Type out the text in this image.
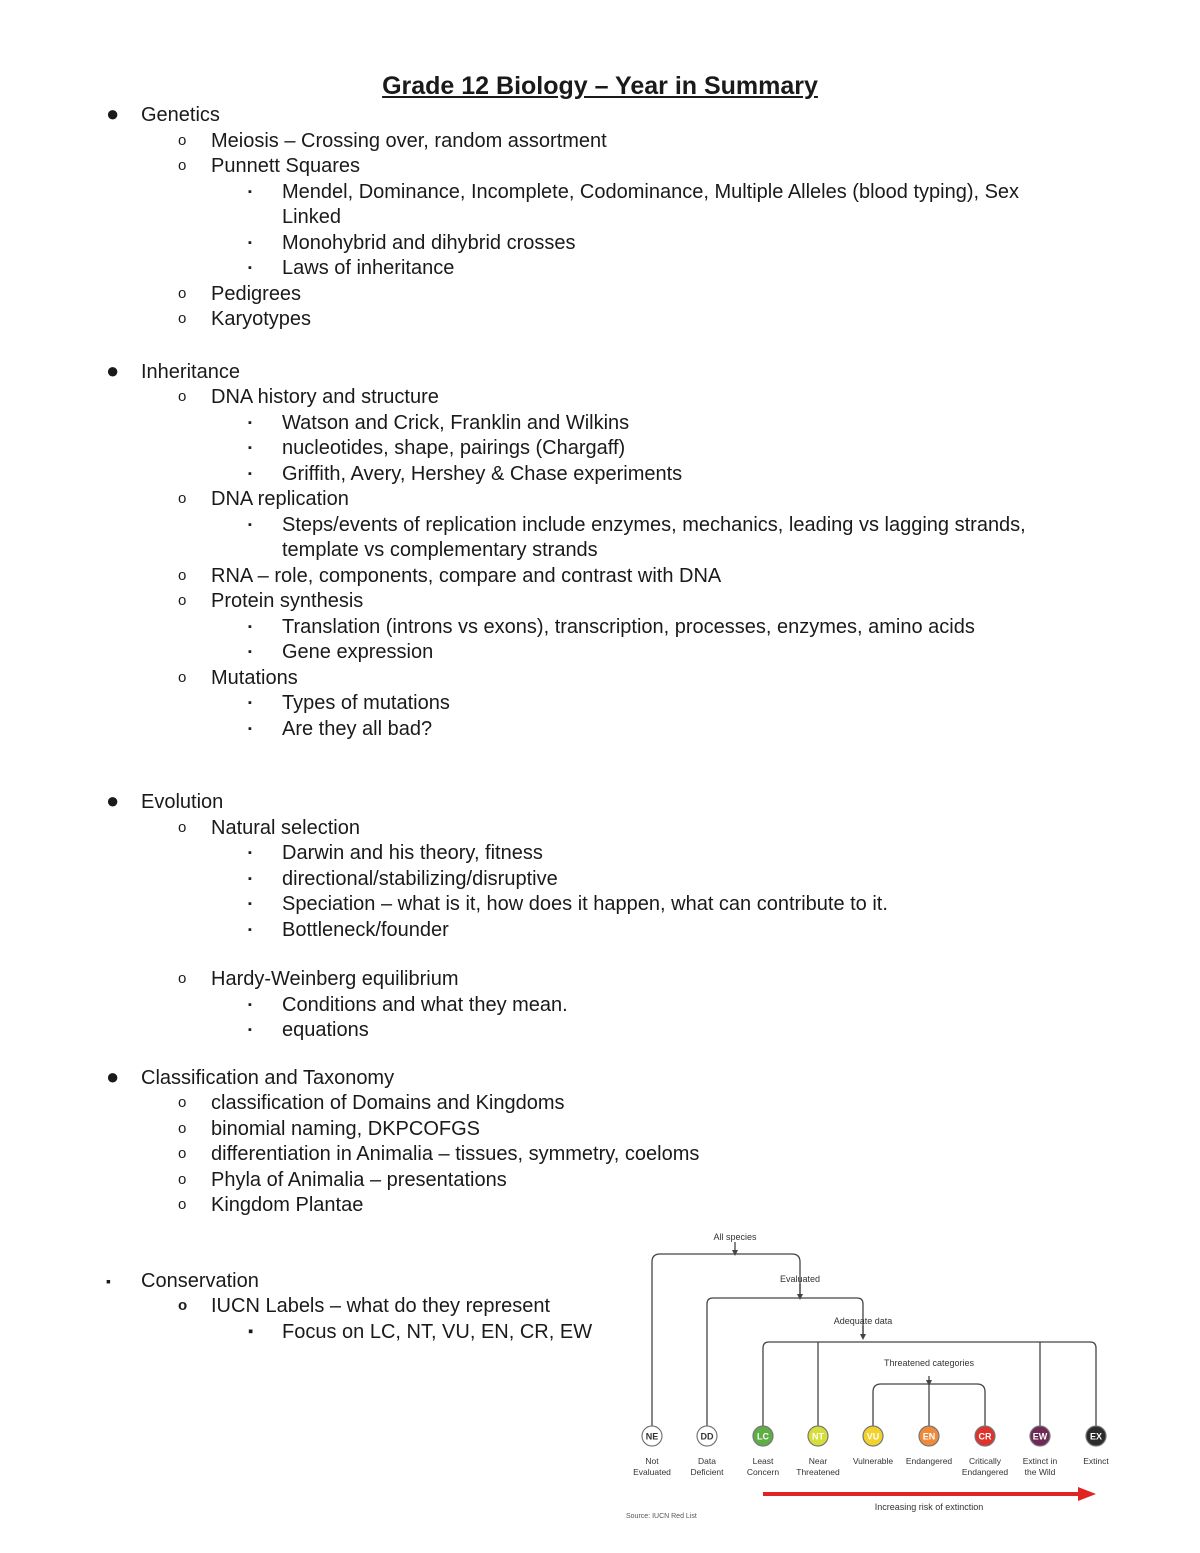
Grade 12 Biology – Year in Summary
● Genetics
o Meiosis – Crossing over, random assortment
o Punnett Squares
▪ Mendel, Dominance, Incomplete, Codominance, Multiple Alleles (blood typing), Sex
Linked
▪ Monohybrid and dihybrid crosses
▪ Laws of inheritance
o Pedigrees
o Karyotypes
● Inheritance
o DNA history and structure
▪ Watson and Crick, Franklin and Wilkins
▪ nucleotides, shape, pairings (Chargaff)
▪ Griffith, Avery, Hershey & Chase experiments
o DNA replication
▪ Steps/events of replication include enzymes, mechanics, leading vs lagging strands,
template vs complementary strands
o RNA – role, components, compare and contrast with DNA
o Protein synthesis
▪ Translation (introns vs exons), transcription, processes, enzymes, amino acids
▪ Gene expression
o Mutations
▪ Types of mutations
▪ Are they all bad?
● Evolution
o Natural selection
▪ Darwin and his theory, fitness
▪ directional/stabilizing/disruptive
▪ Speciation – what is it, how does it happen, what can contribute to it.
▪ Bottleneck/founder
o Hardy-Weinberg equilibrium
▪ Conditions and what they mean.
▪ equations
● Classification and Taxonomy
o classification of Domains and Kingdoms
o binomial naming, DKPCOFGS
o differentiation in Animalia – tissues, symmetry, coeloms
o Phyla of Animalia – presentations
o Kingdom Plantae
▪ Conservation
o IUCN Labels – what do they represent
▪ Focus on LC, NT, VU, EN, CR, EW
All species
Evaluated
Adequate data
Threatened categories
NE
Not
Evaluated
DD
Data
Deficient
LC
Least
Concern
NT
Near
Threatened
VU
Vulnerable
EN
Endangered
CR
Critically
Endangered
EW
Extinct in
the Wild
EX
Extinct
Increasing risk of extinction
Source: IUCN Red List
